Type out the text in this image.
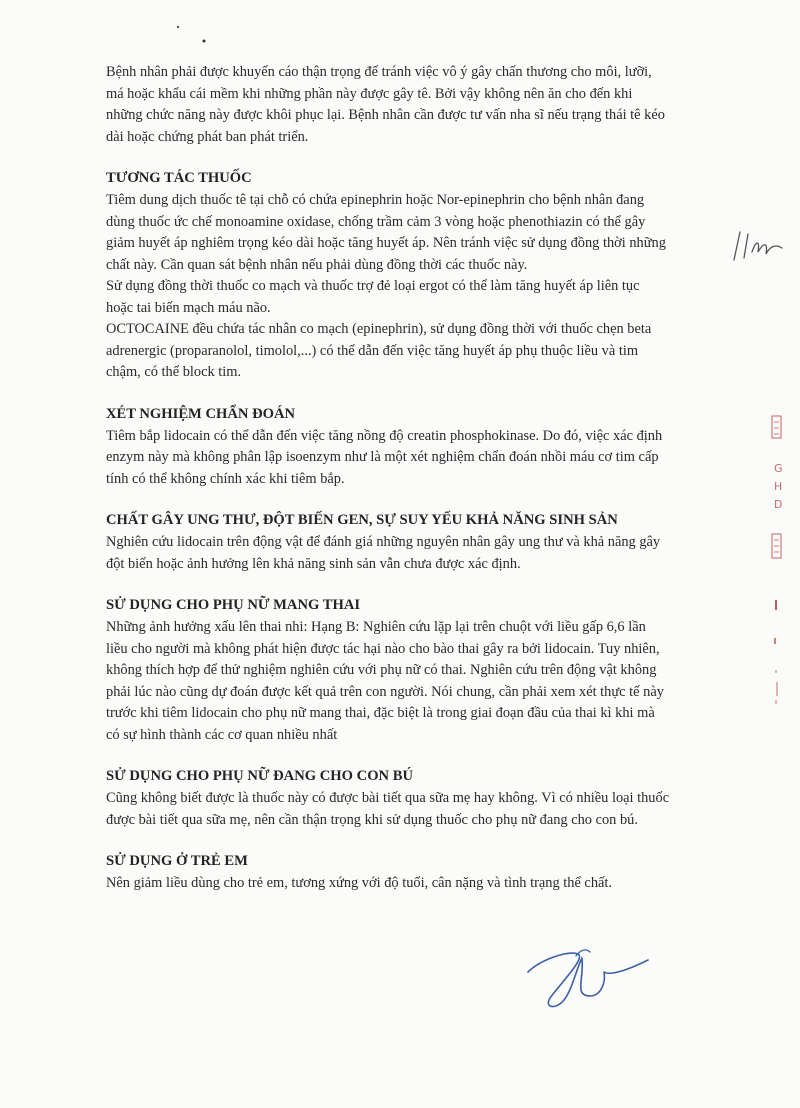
Bệnh nhân phải được khuyến cáo thận trọng để tránh việc vô ý gây chấn thương cho môi, lưỡi,
má hoặc khẩu cái mềm khi những phần này được gây tê. Bởi vậy không nên ăn cho đến khi
những chức năng này được khôi phục lại. Bệnh nhân cần được tư vấn nha sĩ nếu trạng thái tê kéo
dài hoặc chứng phát ban phát triển.

TƯƠNG TÁC THUỐC

Tiêm dung dịch thuốc tê tại chỗ có chứa epinephrin hoặc Nor-epinephrin cho bệnh nhân đang
dùng thuốc ức chế monoamine oxidase, chống trầm cảm 3 vòng hoặc phenothiazin có thể gây
giảm huyết áp nghiêm trọng kéo dài hoặc tăng huyết áp. Nên tránh việc sử dụng đồng thời những
chất này. Cần quan sát bệnh nhân nếu phải dùng đồng thời các thuốc này.
Sử dụng đồng thời thuốc co mạch và thuốc trợ đẻ loại ergot có thể làm tăng huyết áp liên tục
hoặc tai biến mạch máu não.
OCTOCAINE đều chứa tác nhân co mạch (epinephrin), sử dụng đồng thời với thuốc chẹn beta
adrenergic (proparanolol, timolol,...) có thể dẫn đến việc tăng huyết áp phụ thuộc liều và tim
chậm, có thể block tim.

XÉT NGHIỆM CHẨN ĐOÁN

Tiêm bắp lidocain có thể dẫn đến việc tăng nồng độ creatin phosphokinase. Do đó, việc xác định
enzym này mà không phân lập isoenzym như là một xét nghiệm chẩn đoán nhồi máu cơ tim cấp
tính có thể không chính xác khi tiêm bắp.

CHẤT GÂY UNG THƯ, ĐỘT BIẾN GEN, SỰ SUY YẾU KHẢ NĂNG SINH SẢN

Nghiên cứu lidocain trên động vật để đánh giá những nguyên nhân gây ung thư và khả năng gây
đột biến hoặc ảnh hưởng lên khả năng sinh sản vẫn chưa được xác định.

SỬ DỤNG CHO PHỤ NỮ MANG THAI

Những ảnh hưởng xấu lên thai nhi: Hạng B: Nghiên cứu lặp lại trên chuột với liều gấp 6,6 lần
liều cho người mà không phát hiện được tác hại nào cho bào thai gây ra bởi lidocain. Tuy nhiên,
không thích hợp để thử nghiệm nghiên cứu với phụ nữ có thai. Nghiên cứu trên động vật không
phải lúc nào cũng dự đoán được kết quả trên con người. Nói chung, cần phải xem xét thực tế này
trước khi tiêm lidocain cho phụ nữ mang thai, đặc biệt là trong giai đoạn đầu của thai kì khi mà
có sự hình thành các cơ quan nhiều nhất

SỬ DỤNG CHO PHỤ NỮ ĐANG CHO CON BÚ

Cũng không biết được là thuốc này có được bài tiết qua sữa mẹ hay không. Vì có nhiều loại thuốc
được bài tiết qua sữa mẹ, nên cần thận trọng khi sử dụng thuốc cho phụ nữ đang cho con bú.

SỬ DỤNG Ở TRẺ EM

Nên giảm liều dùng cho trẻ em, tương xứng với độ tuổi, cân nặng và tình trạng thể chất.

G
H
D
